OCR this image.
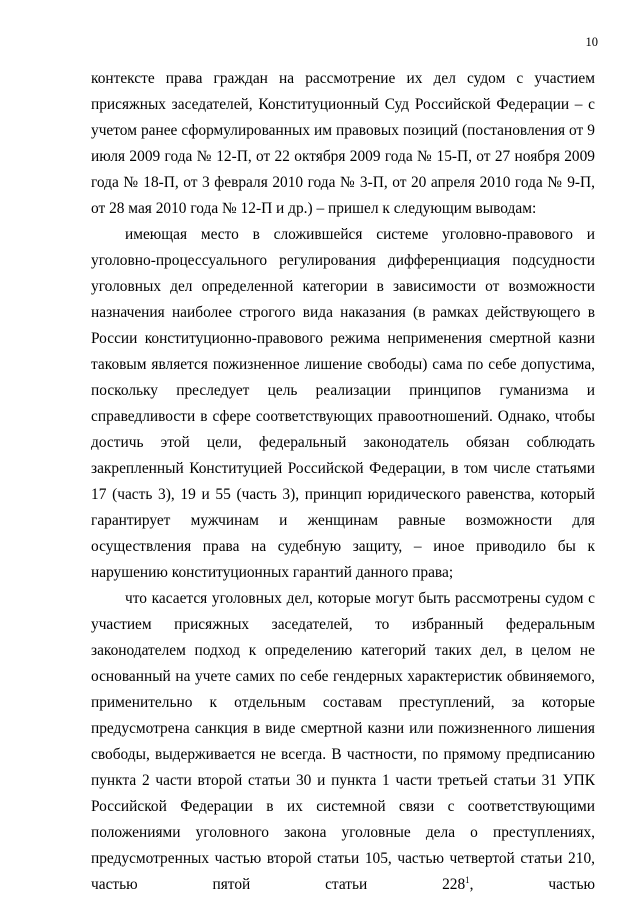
10

контексте права граждан на рассмотрение их дел судом с участием присяжных заседателей, Конституционный Суд Российской Федерации – с учетом ранее сформулированных им правовых позиций (постановления от 9 июля 2009 года № 12-П, от 22 октября 2009 года № 15-П, от 27 ноября 2009 года № 18-П, от 3 февраля 2010 года № 3-П, от 20 апреля 2010 года № 9-П, от 28 мая 2010 года № 12-П и др.) – пришел к следующим выводам:

имеющая место в сложившейся системе уголовно-правового и уголовно-процессуального регулирования дифференциация подсудности уголовных дел определенной категории в зависимости от возможности назначения наиболее строгого вида наказания (в рамках действующего в России конституционно-правового режима неприменения смертной казни таковым является пожизненное лишение свободы) сама по себе допустима, поскольку преследует цель реализации принципов гуманизма и справедливости в сфере соответствующих правоотношений. Однако, чтобы достичь этой цели, федеральный законодатель обязан соблюдать закрепленный Конституцией Российской Федерации, в том числе статьями 17 (часть 3), 19 и 55 (часть 3), принцип юридического равенства, который гарантирует мужчинам и женщинам равные возможности для осуществления права на судебную защиту, – иное приводило бы к нарушению конституционных гарантий данного права;

что касается уголовных дел, которые могут быть рассмотрены судом с участием присяжных заседателей, то избранный федеральным законодателем подход к определению категорий таких дел, в целом не основанный на учете самих по себе гендерных характеристик обвиняемого, применительно к отдельным составам преступлений, за которые предусмотрена санкция в виде смертной казни или пожизненного лишения свободы, выдерживается не всегда. В частности, по прямому предписанию пункта 2 части второй статьи 30 и пункта 1 части третьей статьи 31 УПК Российской Федерации в их системной связи с соответствующими положениями уголовного закона уголовные дела о преступлениях, предусмотренных частью второй статьи 105, частью четвертой статьи 210, частью пятой статьи $228^1$, частью
